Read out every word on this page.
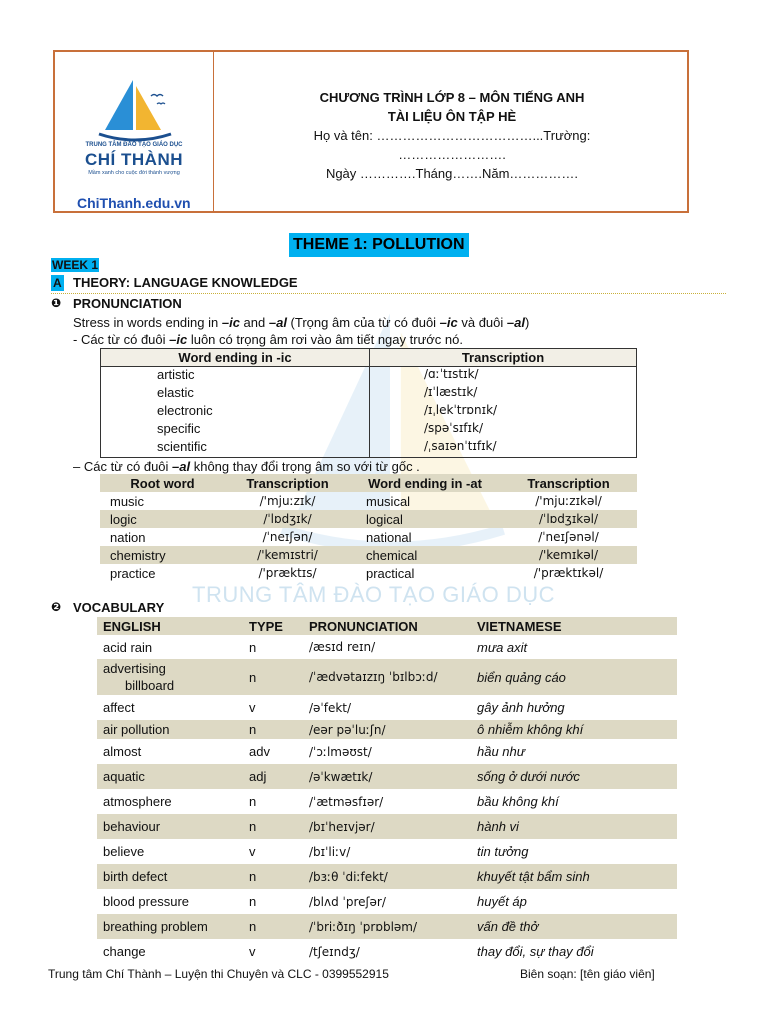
TRUNG TÂM ĐÀO TẠO GIÁO DỤC
TRUNG TÂM ĐÀO TẠO GIÁO DỤC
CHÍ THÀNH
Mầm xanh cho cuộc đời thành vượng
ChiThanh.edu.vn
CHƯƠNG TRÌNH LỚP 8 – MÔN TIẾNG ANH
TÀI LIỆU ÔN TẬP HÈ
Họ và tên: ………………………………...Trường:
…………………….
Ngày ………….Tháng…….Năm…………….
THEME 1: POLLUTION
WEEK 1
A THEORY: LANGUAGE KNOWLEDGE
❶ PRONUNCIATION
Stress in words ending in –ic and –al (Trọng âm của từ có đuôi –ic và đuôi –al)
- Các từ có đuôi –ic luôn có trọng âm rơi vào âm tiết ngay trước nó.
Word ending in -ic	Transcription
artistic	/ɑːˈtɪstɪk/
elastic	/ɪˈlæstɪk/
electronic	/ɪˌlekˈtrɒnɪk/
specific	/spəˈsɪfɪk/
scientific	/ˌsaɪənˈtɪfɪk/
– Các từ có đuôi –al không thay đổi trọng âm so với từ gốc .
Root word	Transcription	Word ending in -at	Transcription
music	/'mjuːzɪk/	musical	/'mjuːzɪkəl/
logic	/ˈlɒdʒɪk/	logical	/ˈlɒdʒɪkəl/
nation	/ˈneɪʃən/	national	/ˈneɪʃənəl/
chemistry	/'kemɪstri/	chemical	/'kemɪkəl/
practice	/'præktɪs/	practical	/'præktɪkəl/
❷ VOCABULARY
ENGLISH	TYPE	PRONUNCIATION	VIETNAMESE
acid rain	n	/æsɪd reɪn/	mưa axit

advertising
billboard	n	/ˈædvətaɪzɪŋ ˈbɪlbɔːd/	biển quảng cáo
affect	v	/əˈfekt/	gây ảnh hưởng
air pollution	n	/eər pəˈluːʃn/	ô nhiễm không khí
almost	adv	/ˈɔːlməʊst/	hầu như
aquatic	adj	/əˈkwætɪk/	sống ở dưới nước
atmosphere	n	/ˈætməsfɪər/	bầu không khí
behaviour	n	/bɪˈheɪvjər/	hành vi
believe	v	/bɪˈliːv/	tin tưởng
birth defect	n	/bɜːθ ˈdiːfekt/	khuyết tật bẩm sinh
blood pressure	n	/blʌd ˈpreʃər/	huyết áp
breathing problem	n	/ˈbriːðɪŋ ˈprɒbləm/	vấn đề thở
change	v	/tʃeɪndʒ/	thay đổi, sự thay đổi
Trung tâm Chí Thành – Luyện thi Chuyên và CLC - 0399552915	Biên soạn: [tên giáo viên]
